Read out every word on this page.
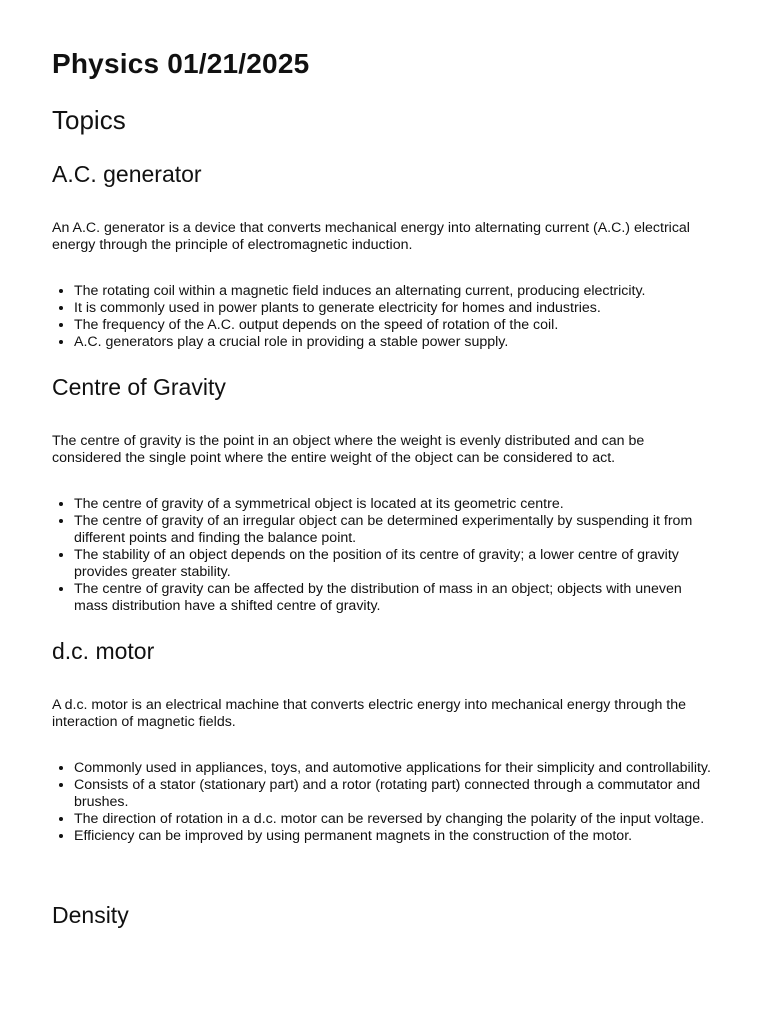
Physics 01/21/2025
Topics
A.C. generator

An A.C. generator is a device that converts mechanical energy into alternating current (A.C.) electrical energy through the principle of electromagnetic induction.

• The rotating coil within a magnetic field induces an alternating current, producing electricity.
• It is commonly used in power plants to generate electricity for homes and industries.
• The frequency of the A.C. output depends on the speed of rotation of the coil.
• A.C. generators play a crucial role in providing a stable power supply.
Centre of Gravity

The centre of gravity is the point in an object where the weight is evenly distributed and can be considered the single point where the entire weight of the object can be considered to act.

• The centre of gravity of a symmetrical object is located at its geometric centre.
• The centre of gravity of an irregular object can be determined experimentally by suspending it from different points and finding the balance point.
• The stability of an object depends on the position of its centre of gravity; a lower centre of gravity provides greater stability.
• The centre of gravity can be affected by the distribution of mass in an object; objects with uneven mass distribution have a shifted centre of gravity.
d.c. motor

A d.c. motor is an electrical machine that converts electric energy into mechanical energy through the interaction of magnetic fields.

• Commonly used in appliances, toys, and automotive applications for their simplicity and controllability.
• Consists of a stator (stationary part) and a rotor (rotating part) connected through a commutator and brushes.
• The direction of rotation in a d.c. motor can be reversed by changing the polarity of the input voltage.
• Efficiency can be improved by using permanent magnets in the construction of the motor.
Density
